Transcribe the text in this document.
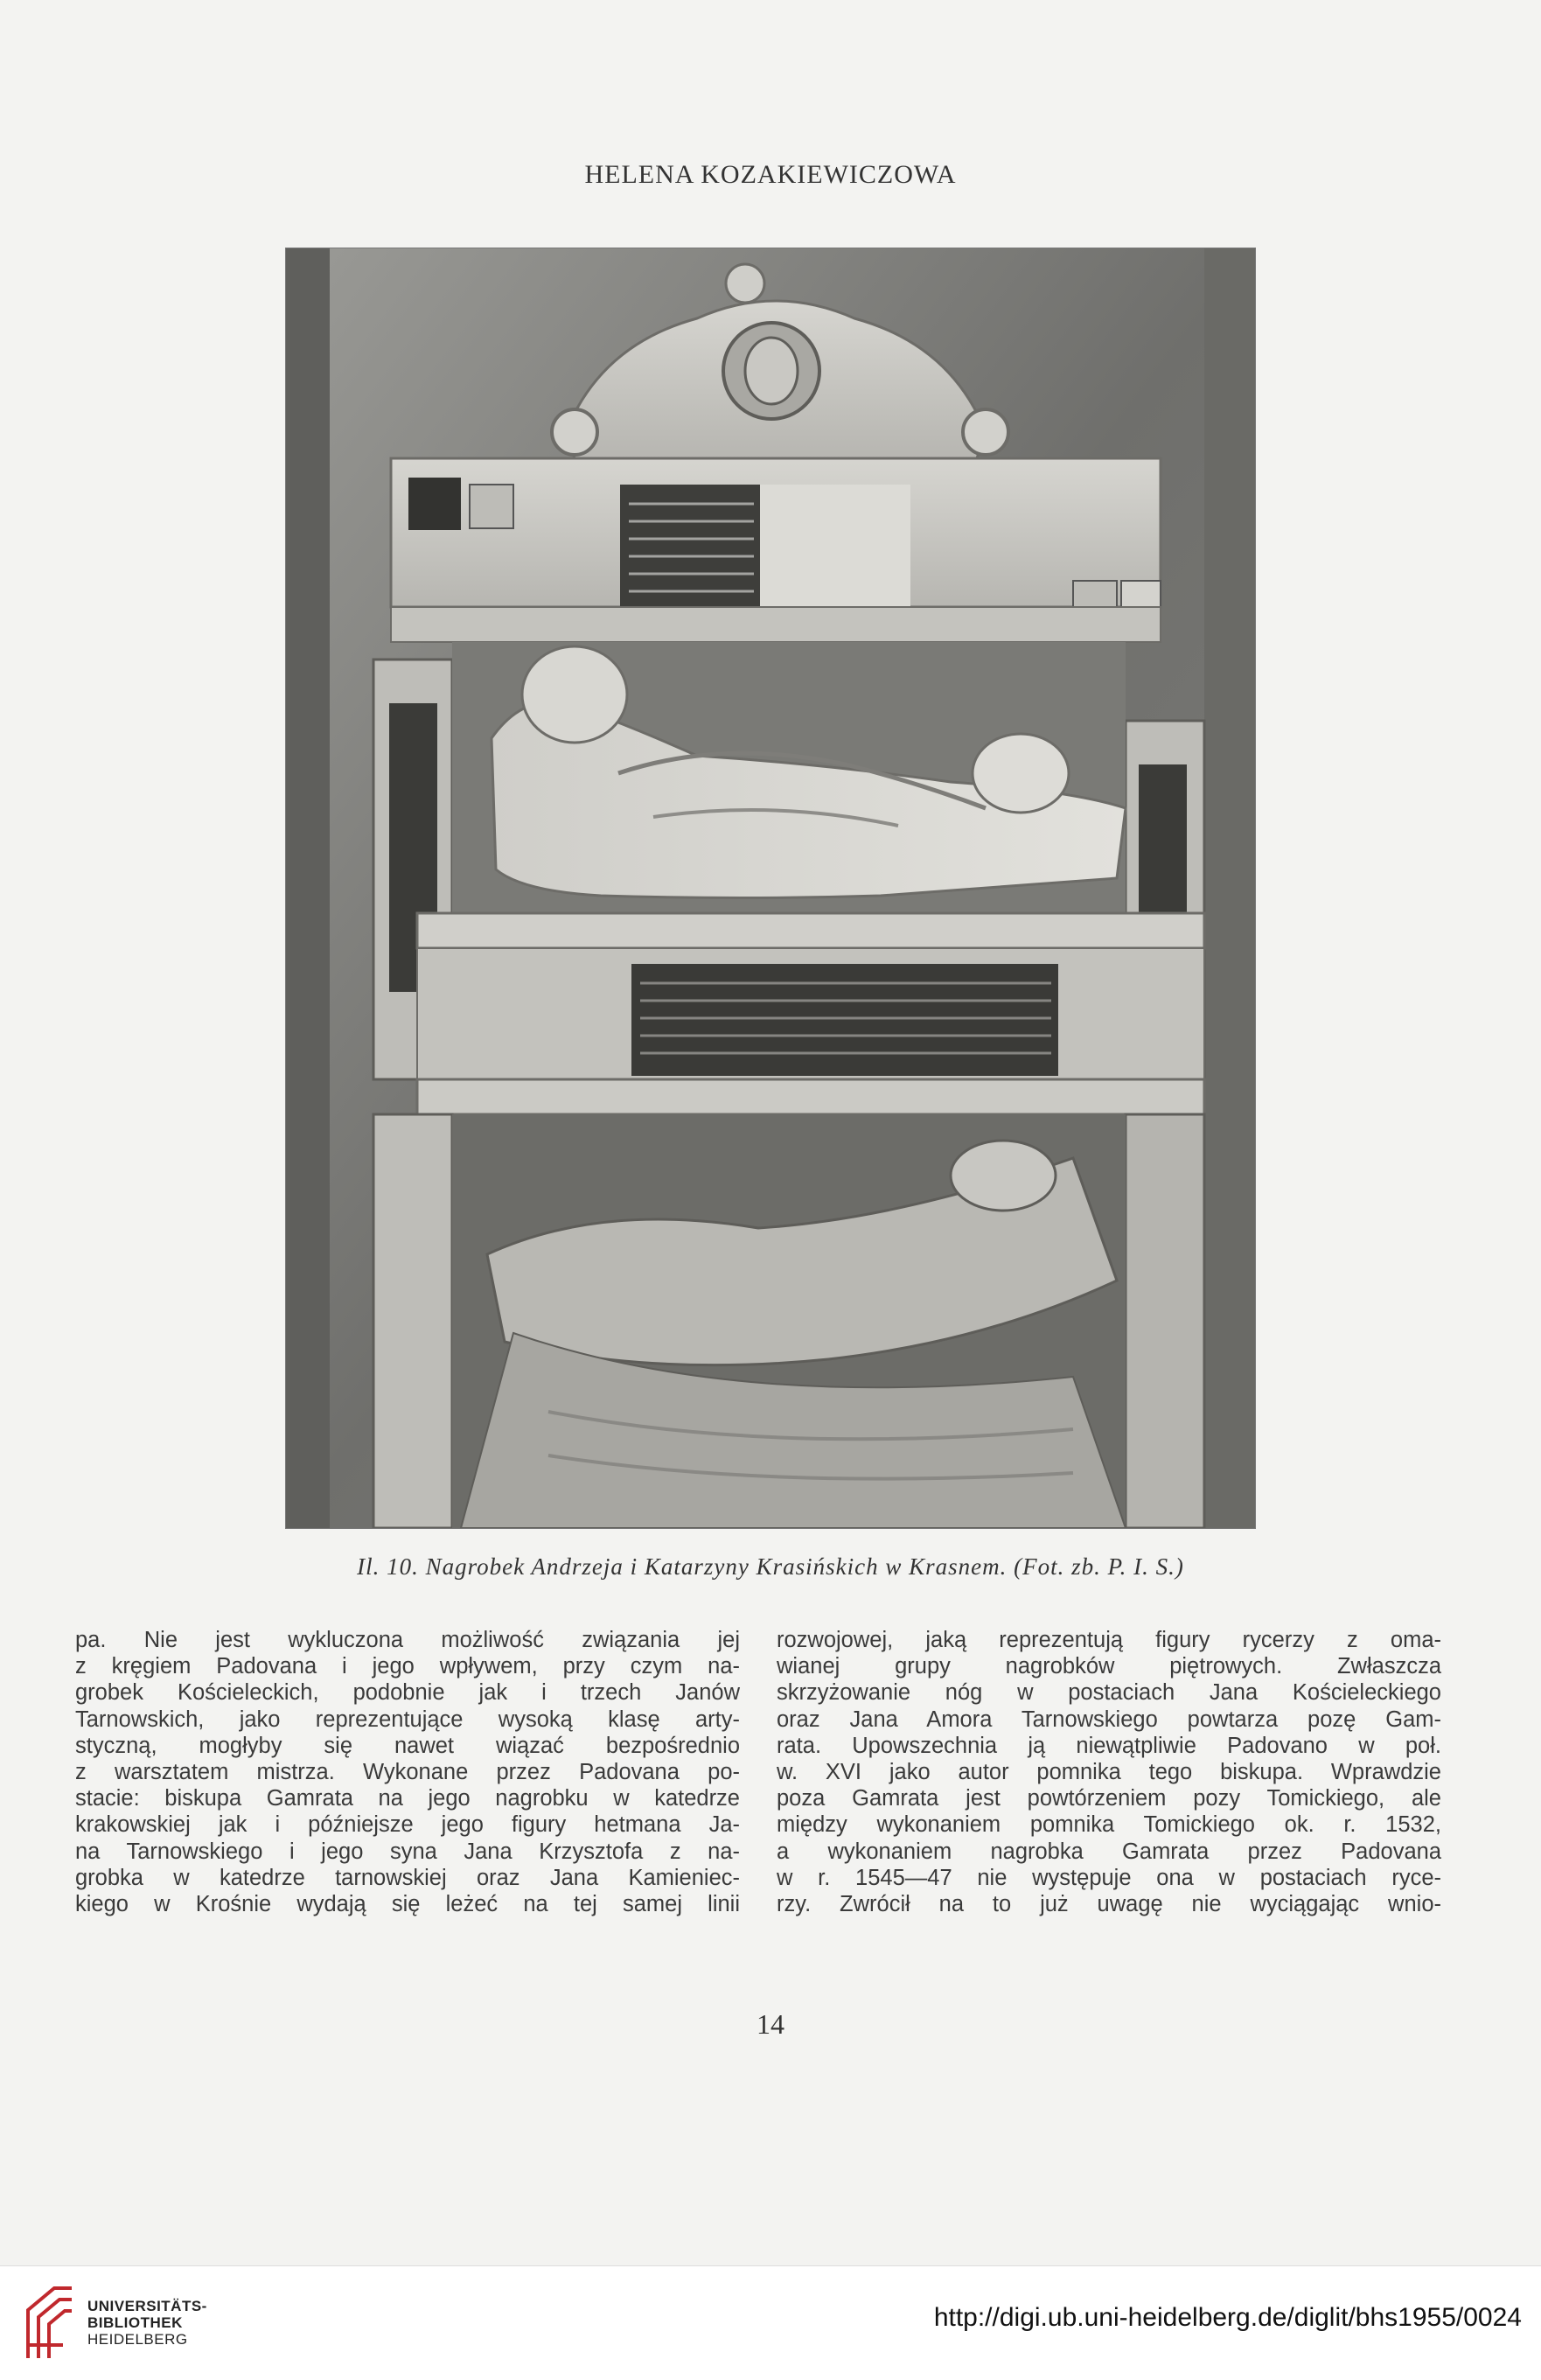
HELENA KOZAKIEWICZOWA
Il. 10. Nagrobek Andrzeja i Katarzyny Krasińskich w Krasnem. (Fot. zb. P. I. S.)
pa. Nie jest wykluczona możliwość związania jej
z kręgiem Padovana i jego wpływem, przy czym na-
grobek Kościeleckich, podobnie jak i trzech Janów
Tarnowskich, jako reprezentujące wysoką klasę arty-
styczną, mogłyby się nawet wiązać bezpośrednio
z warsztatem mistrza. Wykonane przez Padovana po-
stacie: biskupa Gamrata na jego nagrobku w katedrze
krakowskiej jak i późniejsze jego figury hetmana Ja-
na Tarnowskiego i jego syna Jana Krzysztofa z na-
grobka w katedrze tarnowskiej oraz Jana Kamieniec-
kiego w Krośnie wydają się leżeć na tej samej linii
rozwojowej, jaką reprezentują figury rycerzy z oma-
wianej grupy nagrobków piętrowych. Zwłaszcza
skrzyżowanie nóg w postaciach Jana Kościeleckiego
oraz Jana Amora Tarnowskiego powtarza pozę Gam-
rata. Upowszechnia ją niewątpliwie Padovano w poł.
w. XVI jako autor pomnika tego biskupa. Wprawdzie
poza Gamrata jest powtórzeniem pozy Tomickiego, ale
między wykonaniem pomnika Tomickiego ok. r. 1532,
a wykonaniem nagrobka Gamrata przez Padovana
w r. 1545—47 nie występuje ona w postaciach ryce-
rzy. Zwrócił na to już uwagę nie wyciągając wnio-
14
UNIVERSITÄTS-
BIBLIOTHEK
HEIDELBERG
http://digi.ub.uni-heidelberg.de/diglit/bhs1955/0024
